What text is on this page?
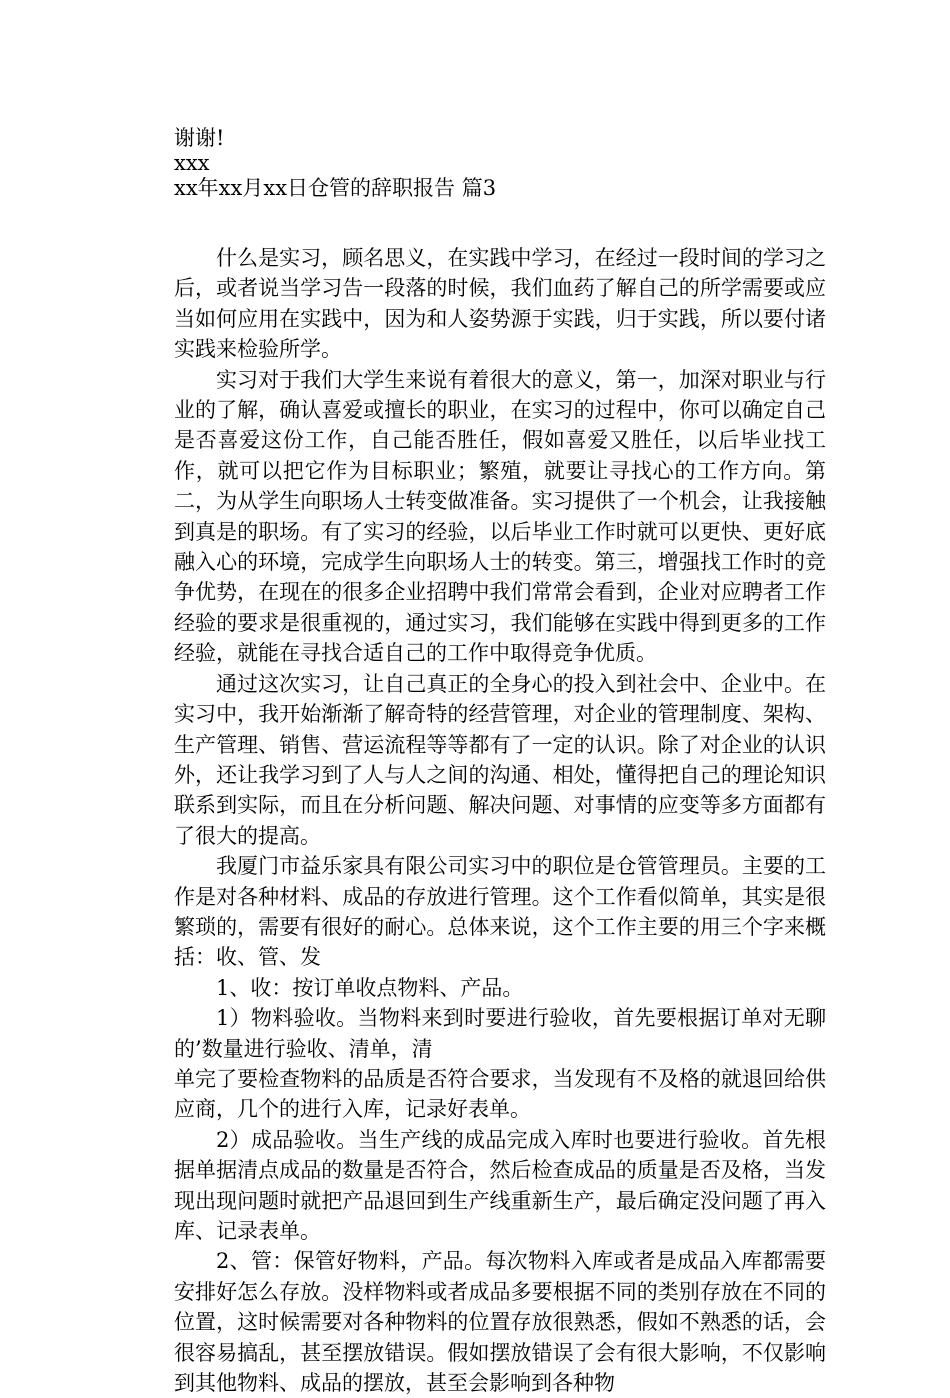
谢谢!
xxx
xx年xx月xx日仓管的辞职报告 篇3

什么是实习，顾名思义，在实践中学习，在经过一段时间的学习之后，或者说当学习告一段落的时候，我们血药了解自己的所学需要或应当如何应用在实践中，因为和人姿势源于实践，归于实践，所以要付诸实践来检验所学。

实习对于我们大学生来说有着很大的意义，第一，加深对职业与行业的了解，确认喜爱或擅长的职业，在实习的过程中，你可以确定自己是否喜爱这份工作，自己能否胜任，假如喜爱又胜任，以后毕业找工作，就可以把它作为目标职业；繁殖，就要让寻找心的工作方向。第二，为从学生向职场人士转变做准备。实习提供了一个机会，让我接触到真是的职场。有了实习的经验，以后毕业工作时就可以更快、更好底融入心的环境，完成学生向职场人士的转变。第三，增强找工作时的竞争优势，在现在的很多企业招聘中我们常常会看到，企业对应聘者工作经验的要求是很重视的，通过实习，我们能够在实践中得到更多的工作经验，就能在寻找合适自己的工作中取得竞争优质。

通过这次实习，让自己真正的全身心的投入到社会中、企业中。在实习中，我开始渐渐了解奇特的经营管理，对企业的管理制度、架构、生产管理、销售、营运流程等等都有了一定的认识。除了对企业的认识外，还让我学习到了人与人之间的沟通、相处，懂得把自己的理论知识联系到实际，而且在分析问题、解决问题、对事情的应变等多方面都有了很大的提高。

我厦门市益乐家具有限公司实习中的职位是仓管管理员。主要的工作是对各种材料、成品的存放进行管理。这个工作看似简单，其实是很繁琐的，需要有很好的耐心。总体来说，这个工作主要的用三个字来概括：收、管、发

1、收：按订单收点物料、产品。

1）物料验收。当物料来到时要进行验收，首先要根据订单对无聊的’数量进行验收、清单，清

单完了要检查物料的品质是否符合要求，当发现有不及格的就退回给供应商，几个的进行入库，记录好表单。

2）成品验收。当生产线的成品完成入库时也要进行验收。首先根据单据清点成品的数量是否符合，然后检查成品的质量是否及格，当发现出现问题时就把产品退回到生产线重新生产，最后确定没问题了再入库、记录表单。

2、管：保管好物料，产品。每次物料入库或者是成品入库都需要安排好怎么存放。没样物料或者成品多要根据不同的类别存放在不同的位置，这时候需要对各种物料的位置存放很熟悉，假如不熟悉的话，会很容易搞乱，甚至摆放错误。假如摆放错误了会有很大影响，不仅影响到其他物料、成品的摆放，甚至会影响到各种物
